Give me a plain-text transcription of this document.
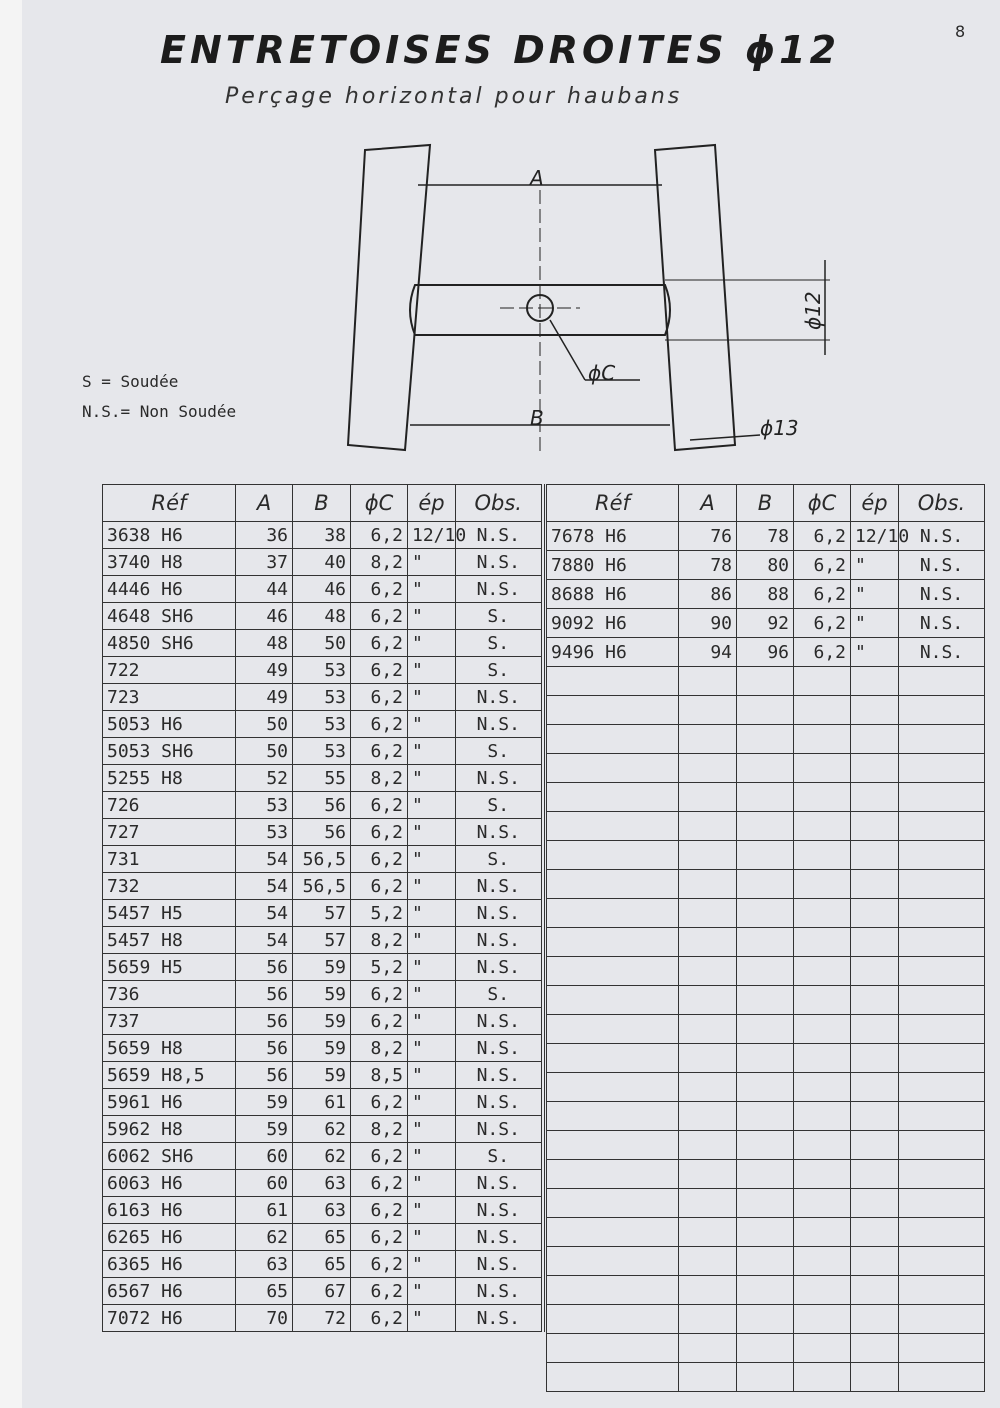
8
ENTRETOISES DROITES ϕ12
Perçage horizontal pour haubans
S = Soudée
N.S.= Non Soudée
A
B
ϕC
ϕ13
ϕ12
Réf	A	B	ϕC	ép	Obs.
3638 H6	36	38	6,2	12/10	N.S.
3740 H8	37	40	8,2	"	N.S.
4446 H6	44	46	6,2	"	N.S.
4648 SH6	46	48	6,2	"	S.
4850 SH6	48	50	6,2	"	S.
722	49	53	6,2	"	S.
723	49	53	6,2	"	N.S.
5053 H6	50	53	6,2	"	N.S.
5053 SH6	50	53	6,2	"	S.
5255 H8	52	55	8,2	"	N.S.
726	53	56	6,2	"	S.
727	53	56	6,2	"	N.S.
731	54	56,5	6,2	"	S.
732	54	56,5	6,2	"	N.S.
5457 H5	54	57	5,2	"	N.S.
5457 H8	54	57	8,2	"	N.S.
5659 H5	56	59	5,2	"	N.S.
736	56	59	6,2	"	S.
737	56	59	6,2	"	N.S.
5659 H8	56	59	8,2	"	N.S.
5659 H8,5	56	59	8,5	"	N.S.
5961 H6	59	61	6,2	"	N.S.
5962 H8	59	62	8,2	"	N.S.
6062 SH6	60	62	6,2	"	S.
6063 H6	60	63	6,2	"	N.S.
6163 H6	61	63	6,2	"	N.S.
6265 H6	62	65	6,2	"	N.S.
6365 H6	63	65	6,2	"	N.S.
6567 H6	65	67	6,2	"	N.S.
7072 H6	70	72	6,2	"	N.S.
Réf	A	B	ϕC	ép	Obs.
7678 H6	76	78	6,2	12/10	N.S.
7880 H6	78	80	6,2	"	N.S.
8688 H6	86	88	6,2	"	N.S.
9092 H6	90	92	6,2	"	N.S.
9496 H6	94	96	6,2	"	N.S.
